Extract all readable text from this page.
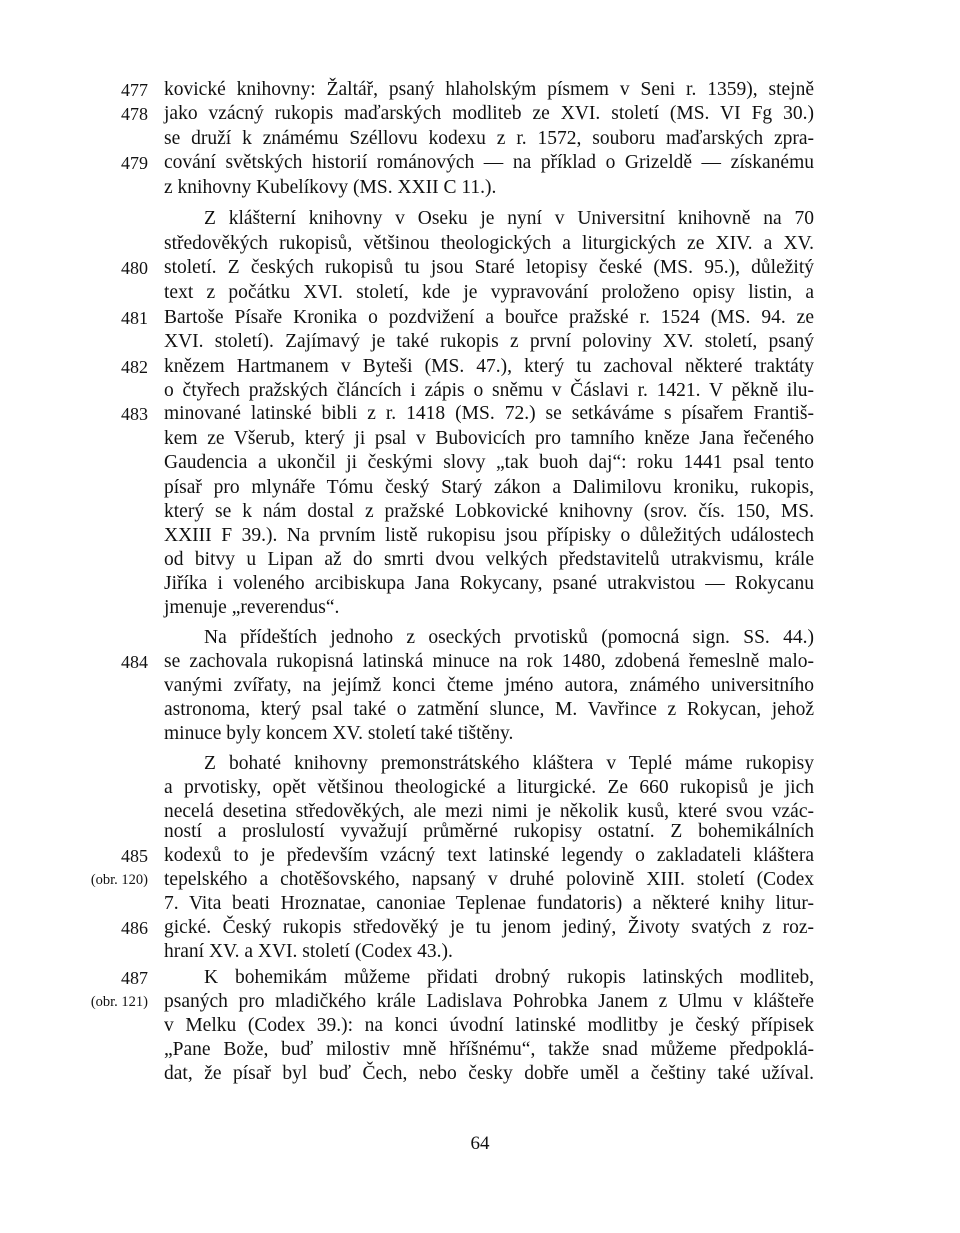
477
478
479
480
481
482
483
484
485
(obr. 120)
486
487
(obr. 121)
kovické knihovny: Žaltář, psaný hlaholským písmem v Seni r. 1359), stejně
jako vzácný rukopis maďarských modliteb ze XVI. století (MS. VI Fg 30.)
se druží k známému Széllovu kodexu z r. 1572, souboru maďarských zpra-
cování světských historií románových — na příklad o Grizeldě — získanému
z knihovny Kubelíkovy (MS. XXII C 11.).
Z klášterní knihovny v Oseku je nyní v Universitní knihovně na 70
středověkých rukopisů, většinou theologických a liturgických ze XIV. a XV.
století. Z českých rukopisů tu jsou Staré letopisy české (MS. 95.), důležitý
text z počátku XVI. století, kde je vypravování proloženo opisy listin, a
Bartoše Písaře Kronika o pozdvižení a bouřce pražské r. 1524 (MS. 94. ze
XVI. století). Zajímavý je také rukopis z první poloviny XV. století, psaný
knězem Hartmanem v Byteši (MS. 47.), který tu zachoval některé traktáty
o čtyřech pražských článcích i zápis o sněmu v Čáslavi r. 1421. V pěkně ilu-
minované latinské bibli z r. 1418 (MS. 72.) se setkáváme s písařem Františ-
kem ze Všerub, který ji psal v Bubovicích pro tamního kněze Jana řečeného
Gaudencia a ukončil ji českými slovy „tak buoh daj“: roku 1441 psal tento
písař pro mlynáře Tómu český Starý zákon a Dalimilovu kroniku, rukopis,
který se k nám dostal z pražské Lobkovické knihovny (srov. čís. 150, MS.
XXIII F 39.). Na prvním listě rukopisu jsou přípisky o důležitých událostech
od bitvy u Lipan až do smrti dvou velkých představitelů utrakvismu, krále
Jiříka i voleného arcibiskupa Jana Rokycany, psané utrakvistou — Rokycanu
jmenuje „reverendus“.
Na přídeštích jednoho z oseckých prvotisků (pomocná sign. SS. 44.)
se zachovala rukopisná latinská minuce na rok 1480, zdobená řemeslně malo-
vanými zvířaty, na jejímž konci čteme jméno autora, známého universitního
astronoma, který psal také o zatmění slunce, M. Vavřince z Rokycan, jehož
minuce byly koncem XV. století také tištěny.
Z bohaté knihovny premonstrátského kláštera v Teplé máme rukopisy
a prvotisky, opět většinou theologické a liturgické. Ze 660 rukopisů je jich
necelá desetina středověkých, ale mezi nimi je několik kusů, které svou vzác-
ností a proslulostí vyvažují průměrné rukopisy ostatní. Z bohemikálních
kodexů to je především vzácný text latinské legendy o zakladateli kláštera
tepelského a chotěšovského, napsaný v druhé polovině XIII. století (Codex
7. Vita beati Hroznatae, canoniae Teplenae fundatoris) a některé knihy litur-
gické. Český rukopis středověký je tu jenom jediný, Životy svatých z roz-
hraní XV. a XVI. století (Codex 43.).
K bohemikám můžeme přidati drobný rukopis latinských modliteb,
psaných pro mladičkého krále Ladislava Pohrobka Janem z Ulmu v klášteře
v Melku (Codex 39.): na konci úvodní latinské modlitby je český přípisek
„Pane Bože, buď milostiv mně hříšnému“, takže snad můžeme předpoklá-
dat, že písař byl buď Čech, nebo česky dobře uměl a češtiny také užíval.
64
